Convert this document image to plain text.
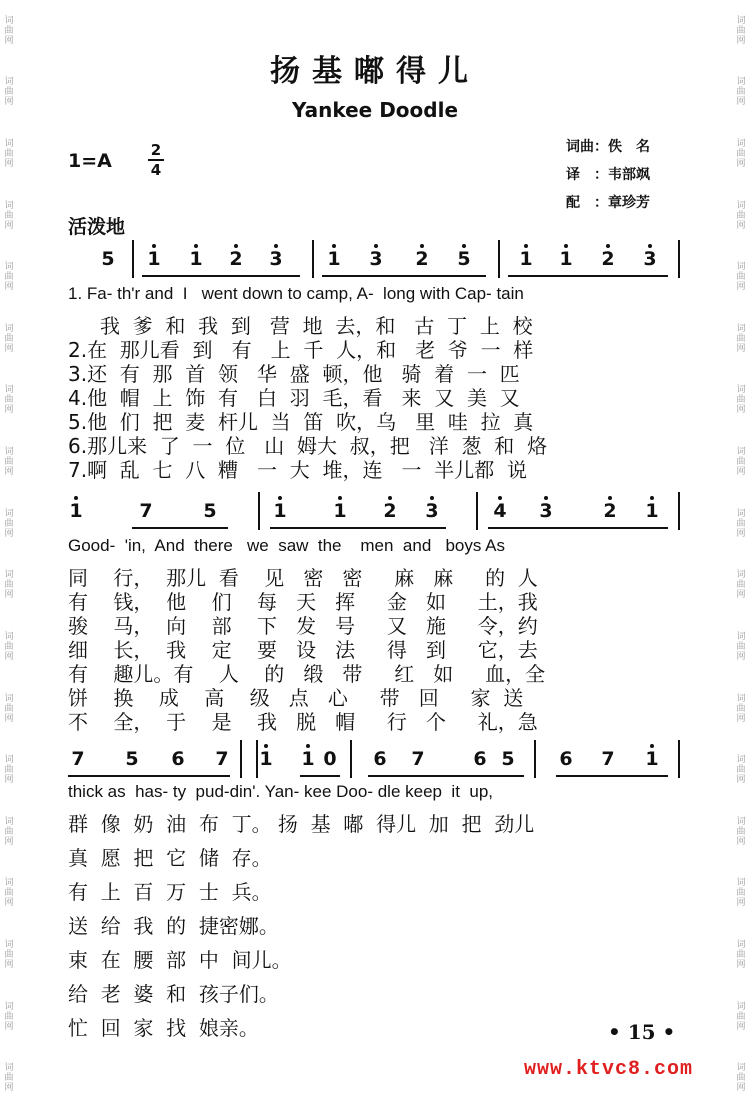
词
曲
网
词
曲
网
词
曲
网
词
曲
网
词
曲
网
词
曲
网
词
曲
网
词
曲
网
词
曲
网
词
曲
网
词
曲
网
词
曲
网
词
曲
网
词
曲
网
词
曲
网
词
曲
网
词
曲
网
词
曲
网
词
曲
网
词
曲
网
词
曲
网
词
曲
网
词
曲
网
词
曲
网
词
曲
网
词
曲
网
词
曲
网
词
曲
网
词
曲
网
词
曲
网
词
曲
网
词
曲
网
词
曲
网
词
曲
网
词
曲
网
词
曲
网
扬基嘟得儿
Yankee Doodle
1=A	2
4
词曲：佚　名
译　：韦部飒
配　：章珍芳
活泼地
5 1 1 2 3 1 3 2 5	1 1 2 3
1. Fa- th'r and  I   went down to camp, A-  long with Cap- tain
我  爹  和  我  到   营  地  去，和   古  丁  上  校
2.在  那儿看  到   有   上  千  人，和   老  爷  一  样
3.还  有  那  首  领   华  盛  顿，他   骑  着  一  匹
4.他  帽  上  饰  有   白  羽  毛，看   来  又  美  又
5.他  们  把  麦  杆儿  当  笛  吹，乌   里  哇  拉  真
6.那儿来  了  一  位   山  姆大  叔，把   洋  葱  和  烙
7.啊  乱  七  八  糟   一  大  堆，连   一  半儿都  说
1	7	5	1 1 2 3	4 3	2 1
Good-  'in,  And  there   we  saw  the    men  and   boys As
同    行，  那儿  看    见   密   密     麻   麻     的  人
有    钱，  他    们    每   天   挥     金   如     土，我
骏    马，  向    部    下   发   号     又   施     令，约
细    长，  我    定    要   设   法     得   到     它，去
有    趣儿。有    人    的   缎   带     红   如     血，全
饼    换    成    高    级   点   心     带   回     家  送
不    全，  于    是    我   脱   帽     行   个     礼，急
7 5 6 7 1 1 0 6 7	6 5 6 7 1
thick as  has- ty  pud-din'. Yan- kee Doo- dle keep  it  up,
群  像  奶  油  布  丁。 扬  基  嘟  得儿  加  把  劲儿
真  愿  把  它  储  存。
有  上  百  万  士  兵。
送  给  我  的  捷密娜。
束  在  腰  部  中  间儿。
给  老  婆  和  孩子们。
忙  回  家  找  娘亲。	• 15 •
www.ktvc8.com
